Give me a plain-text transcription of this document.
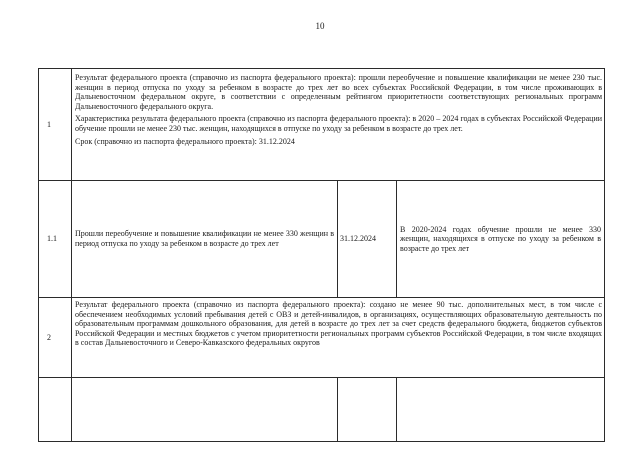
10
1	Результат федерального проекта (справочно из паспорта федерального проекта): прошли переобучение и повышение квалификации не менее 230 тыс. женщин в период отпуска по уходу за ребенком в возрасте до трех лет во всех субъектах Российской Федерации, в том числе проживающих в Дальневосточном федеральном округе, в соответствии с определенным рейтингом приоритетности соответствующих региональных программ Дальневосточного федерального округа.

Характеристика результата федерального проекта (справочно из паспорта федерального проекта): в 2020 – 2024 годах в субъектах Российской Федерации обучение прошли не менее 230 тыс. женщин, находящихся в отпуске по уходу за ребенком в возрасте до трех лет.

Срок (справочно из паспорта федерального проекта): 31.12.2024		

1.1	Прошли переобучение и повышение квалификации не менее 330 женщин в период отпуска по уходу за ребенком в возрасте до трех лет	31.12.2024	В 2020-2024 годах обучение прошли не менее 330 женщин, находящихся в отпуске по уходу за ребенком в возрасте до трех лет
2	Результат федерального проекта (справочно из паспорта федерального проекта): создано не менее 90 тыс. дополнительных мест, в том числе с обеспечением необходимых условий пребывания детей с ОВЗ и детей-инвалидов, в организациях, осуществляющих образовательную деятельность по образовательным программам дошкольного образования, для детей в возрасте до трех лет за счет средств федерального бюджета, бюджетов субъектов Российской Федерации и местных бюджетов с учетом приоритетности региональных программ субъектов Российской Федерации, в том числе входящих в состав Дальневосточного и Северо-Кавказского федеральных округов		
